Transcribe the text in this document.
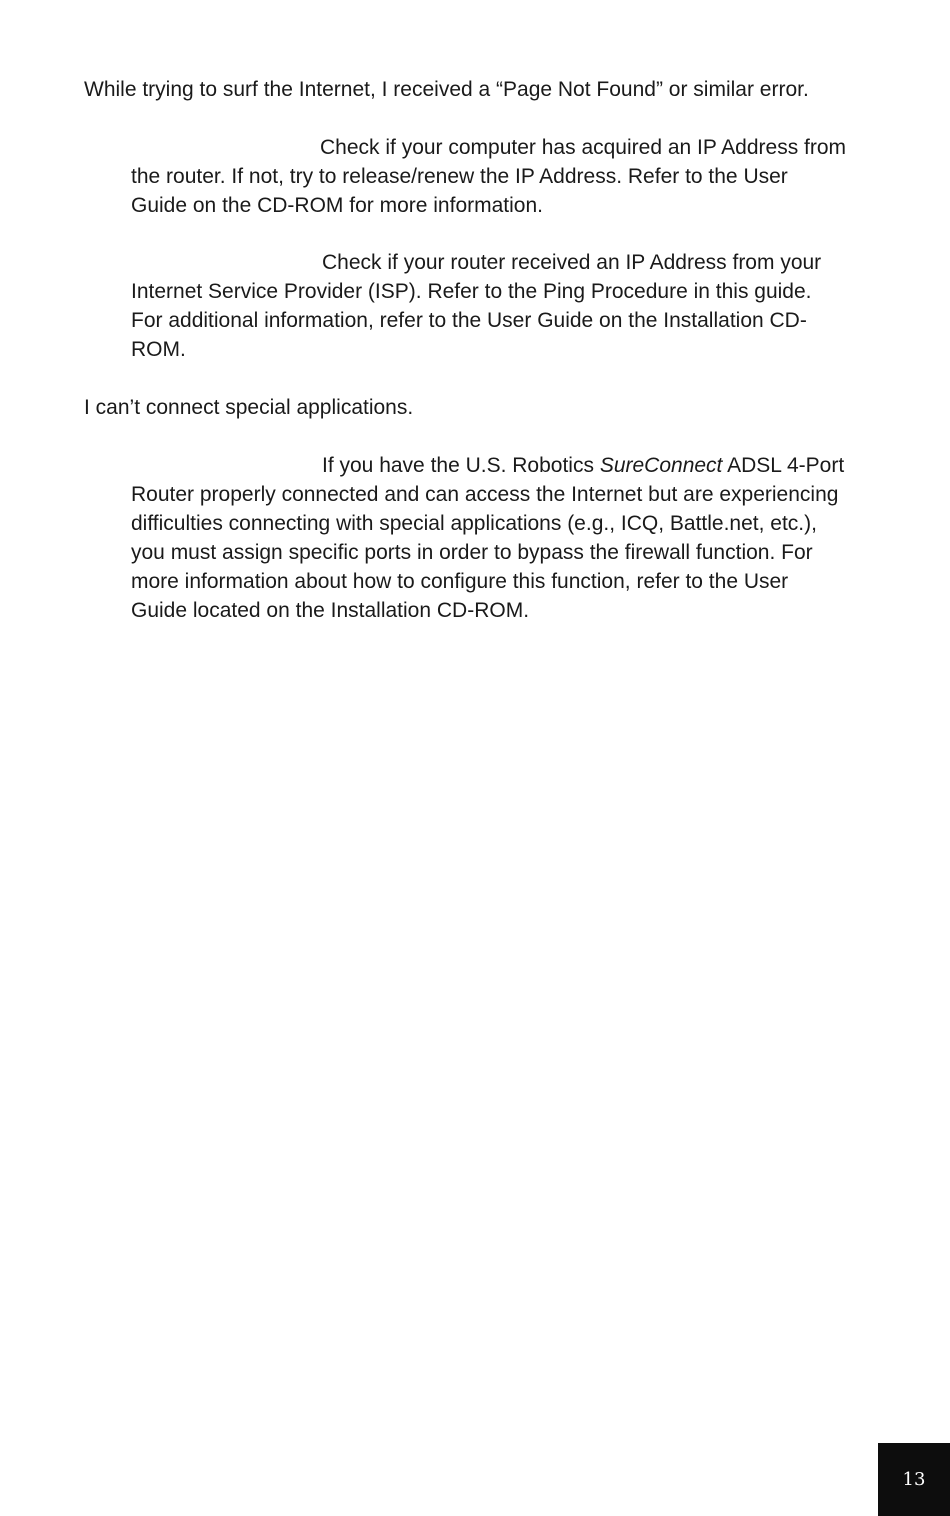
While trying to surf the Internet, I received a “Page Not Found” or similar error.
Check if your computer has acquired an IP Address from
the router. If not, try to release/renew the IP Address. Refer to the User
Guide on the CD-ROM for more information.
Check if your router received an IP Address from your
Internet Service Provider (ISP). Refer to the Ping Procedure in this guide.
For additional information, refer to the User Guide on the Installation CD-
ROM.
I can’t connect special applications.
If you have the U.S. Robotics SureConnect ADSL 4-Port
Router properly connected and can access the Internet but are experiencing
difficulties connecting with special applications (e.g., ICQ, Battle.net, etc.),
you must assign specific ports in order to bypass the firewall function. For
more information about how to configure this function, refer to the User
Guide located on the Installation CD-ROM.
13
